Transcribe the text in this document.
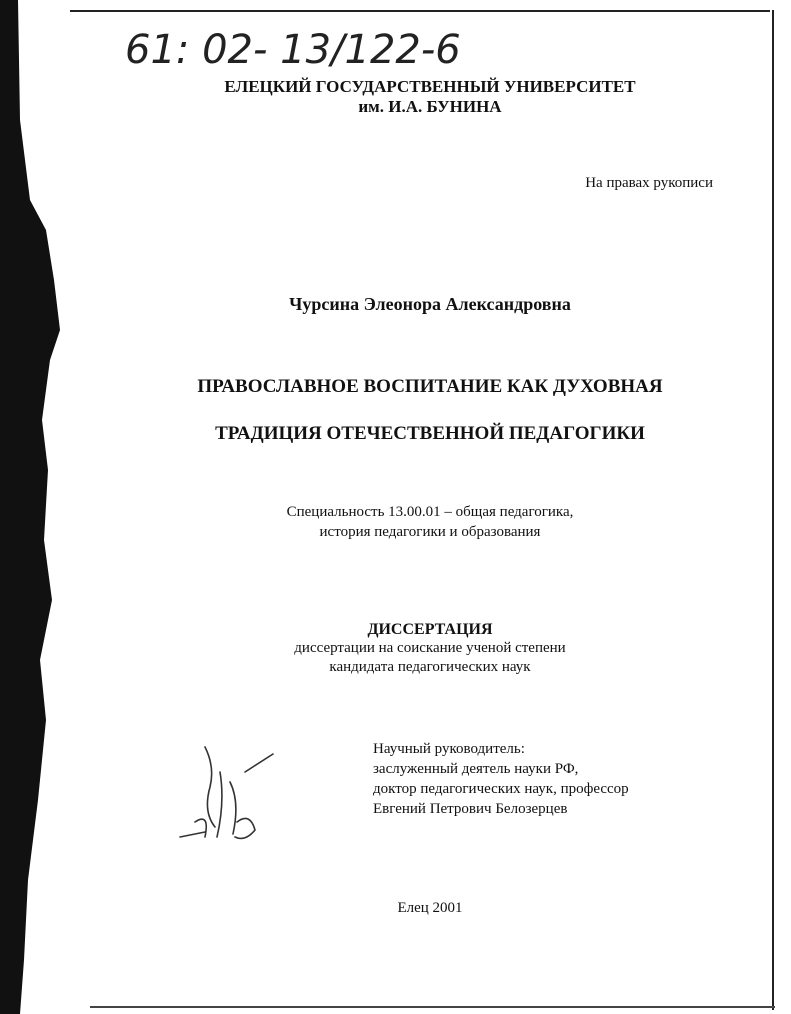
61: 02- 13/122-6
ЕЛЕЦКИЙ ГОСУДАРСТВЕННЫЙ УНИВЕРСИТЕТ
им. И.А. БУНИНА
На правах рукописи
Чурсина Элеонора Александровна
ПРАВОСЛАВНОЕ ВОСПИТАНИЕ КАК ДУХОВНАЯ
ТРАДИЦИЯ ОТЕЧЕСТВЕННОЙ ПЕДАГОГИКИ
Специальность 13.00.01 – общая педагогика,
история педагогики и образования
ДИССЕРТАЦИЯ
диссертации на соискание ученой степени
кандидата педагогических наук
Научный руководитель:
заслуженный деятель науки РФ,
доктор педагогических наук, профессор
Евгений Петрович Белозерцев
Елец 2001
